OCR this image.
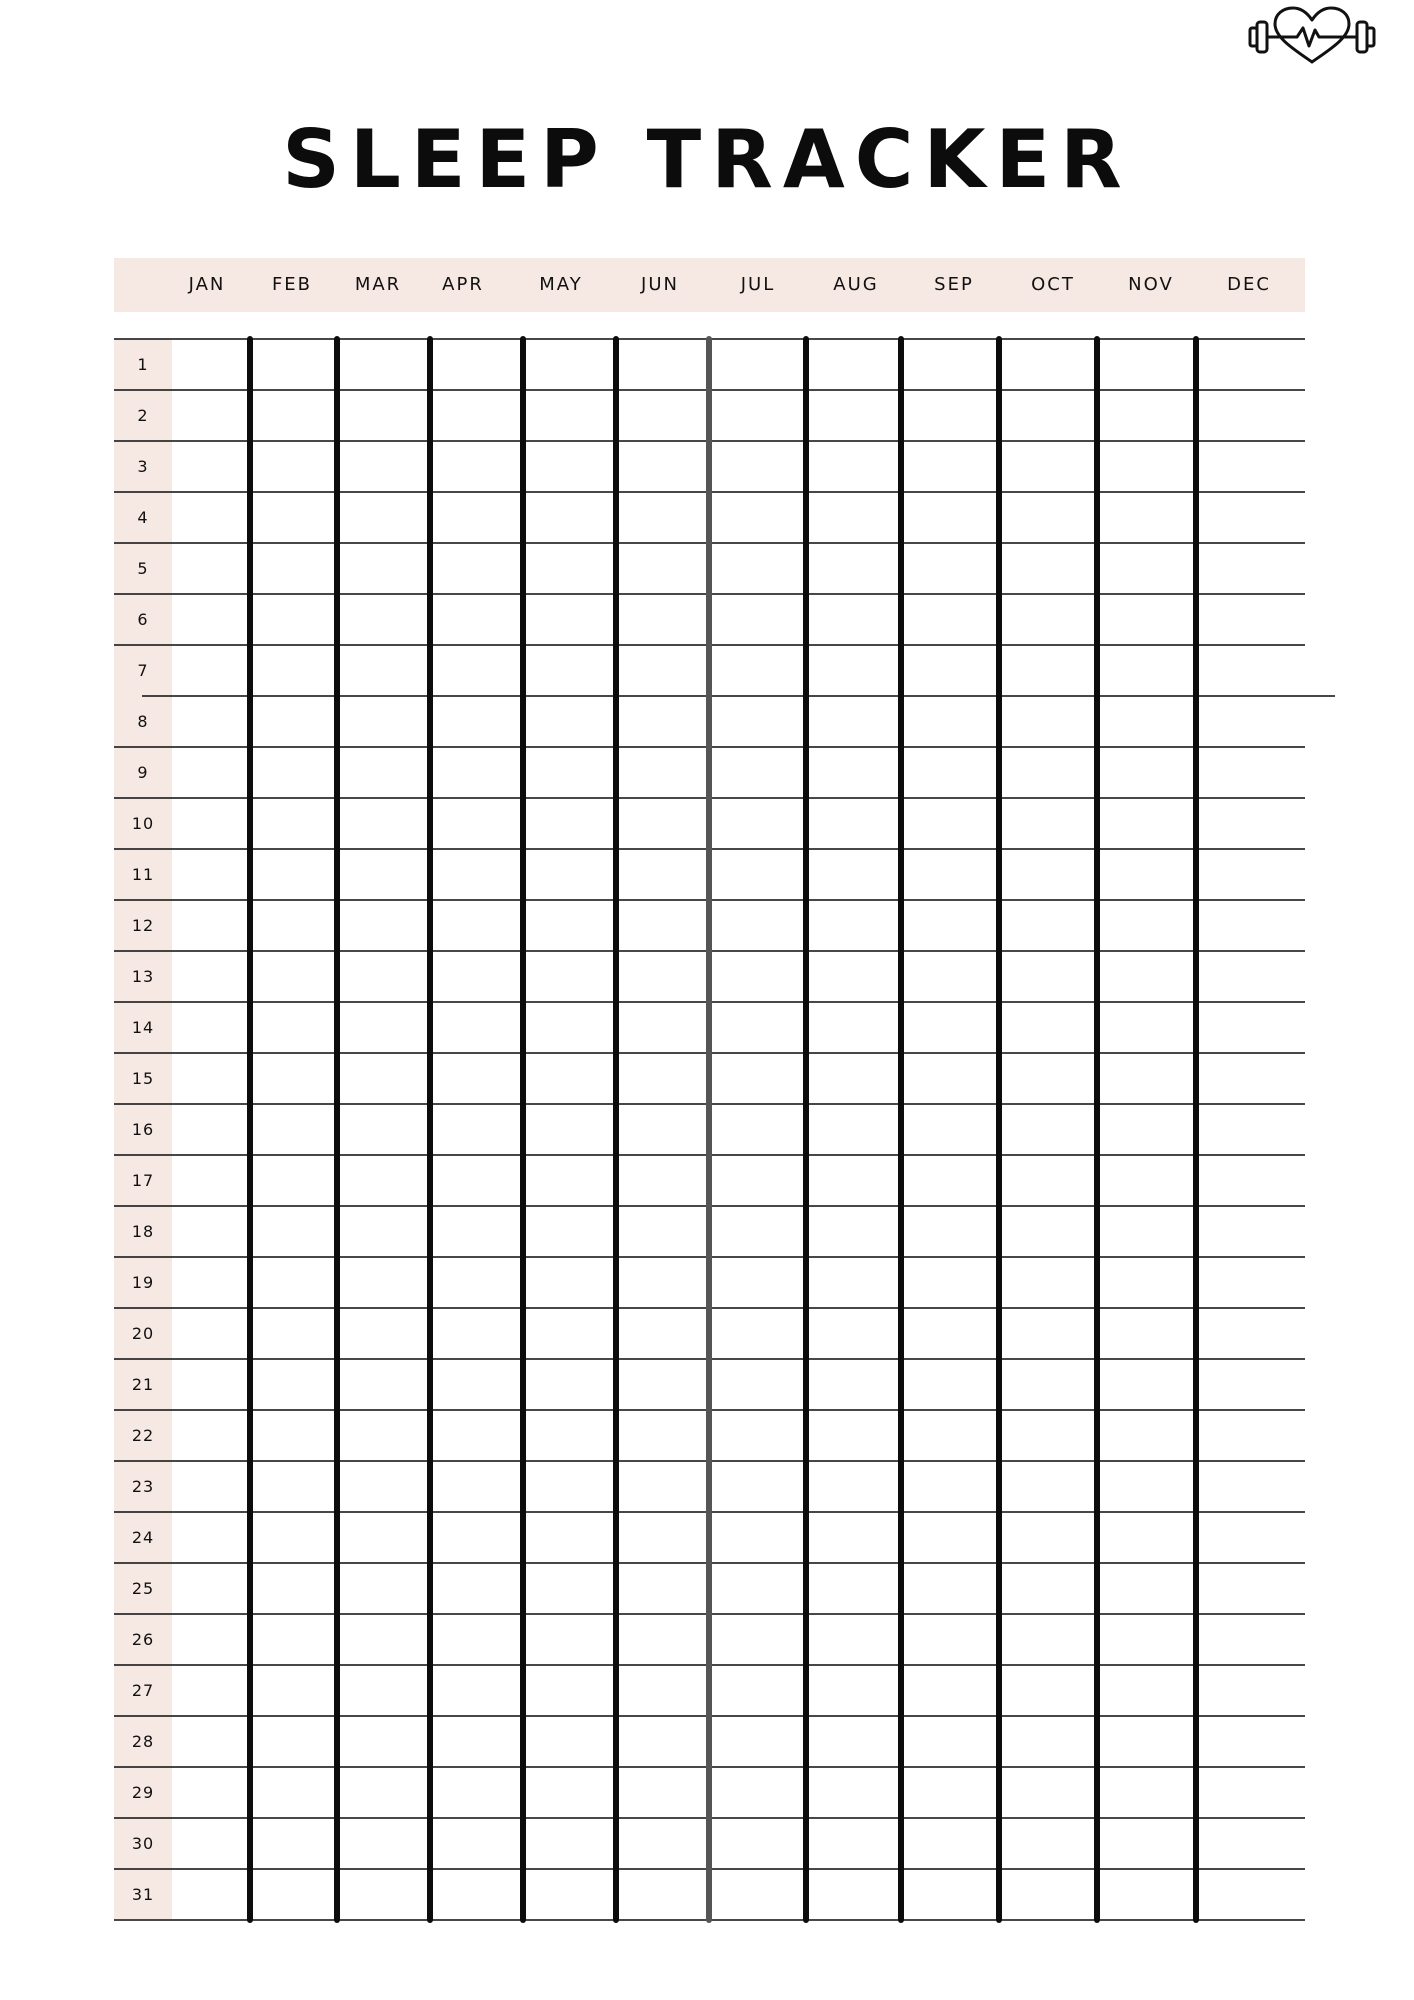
SLEEP TRACKER
JAN	FEB	MAR	APR	MAY	JUN	JUL	AUG	SEP	OCT	NOV	DEC
1
2
3
4
5
6
7
8
9
10
11
12
13
14
15
16
17
18
19
20
21
22
23
24
25
26
27
28
29
30
31
